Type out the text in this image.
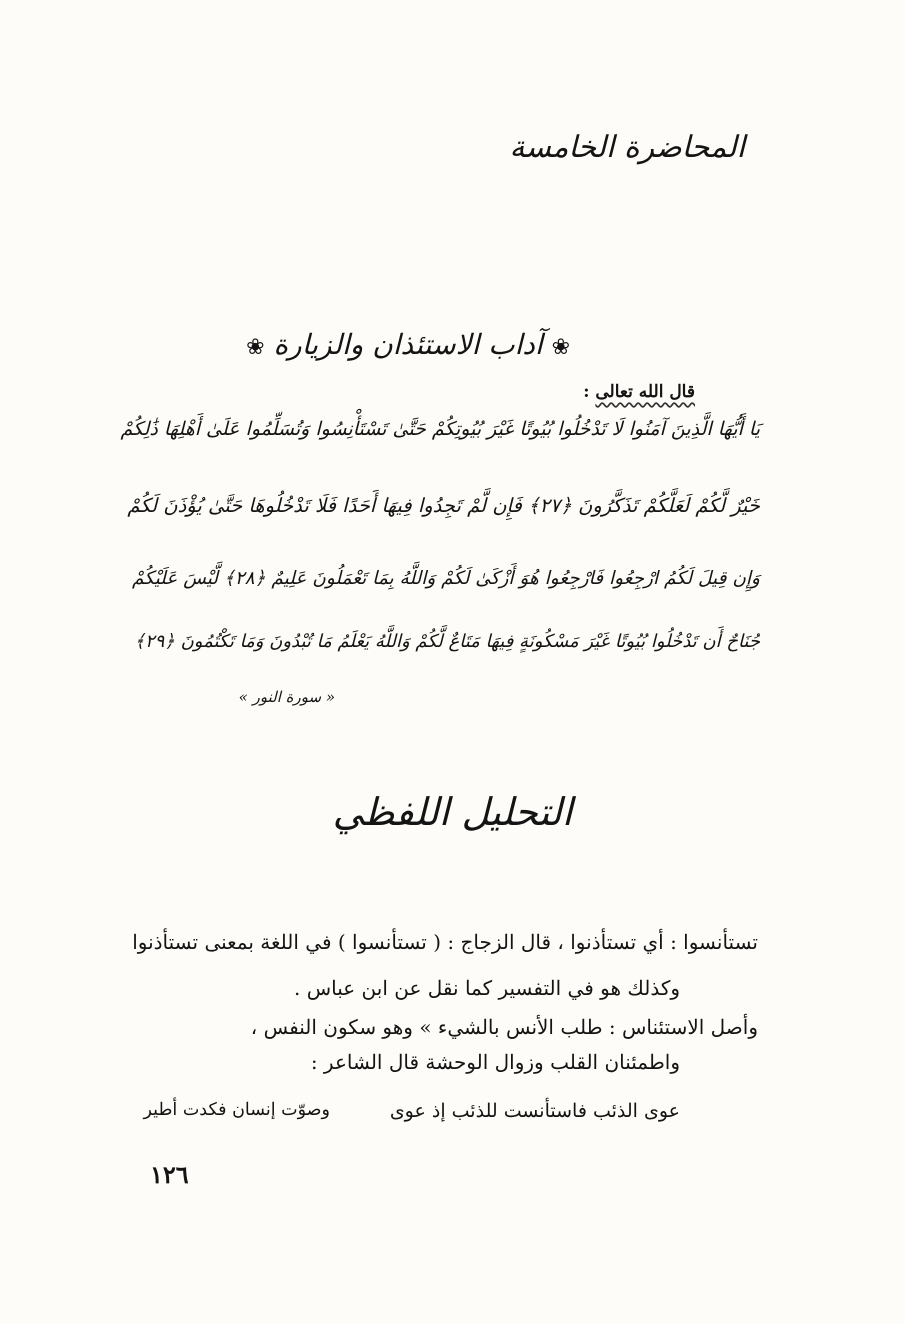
المحاضرة الخامسة
❀ آداب الاستئذان والزيارة ❀
قال الله تعالى :
يَا أَيُّهَا الَّذِينَ آمَنُوا لَا تَدْخُلُوا بُيُوتًا غَيْرَ بُيُوتِكُمْ حَتَّىٰ تَسْتَأْنِسُوا وَتُسَلِّمُوا عَلَىٰ أَهْلِهَا ذَٰلِكُمْ
خَيْرٌ لَّكُمْ لَعَلَّكُمْ تَذَكَّرُونَ ﴿٢٧﴾ فَإِن لَّمْ تَجِدُوا فِيهَا أَحَدًا فَلَا تَدْخُلُوهَا حَتَّىٰ يُؤْذَنَ لَكُمْ
وَإِن قِيلَ لَكُمُ ارْجِعُوا فَارْجِعُوا هُوَ أَزْكَىٰ لَكُمْ وَاللَّهُ بِمَا تَعْمَلُونَ عَلِيمٌ ﴿٢٨﴾ لَّيْسَ عَلَيْكُمْ
جُنَاحٌ أَن تَدْخُلُوا بُيُوتًا غَيْرَ مَسْكُونَةٍ فِيهَا مَتَاعٌ لَّكُمْ وَاللَّهُ يَعْلَمُ مَا تُبْدُونَ وَمَا تَكْتُمُونَ ﴿٢٩﴾
« سورة النور »
التحليل اللفظي
تستأنسوا : أي تستأذنوا ، قال الزجاج : ( تستأنسوا ) في اللغة بمعنى تستأذنوا
وكذلك هو في التفسير كما نقل عن ابن عباس .
وأصل الاستئناس : طلب الأنس بالشيء » وهو سكون النفس ،
واطمئنان القلب وزوال الوحشة قال الشاعر :
عوى الذئب فاستأنست للذئب إذ عوى
وصوّت إنسان فكدت أطير
١٢٦
